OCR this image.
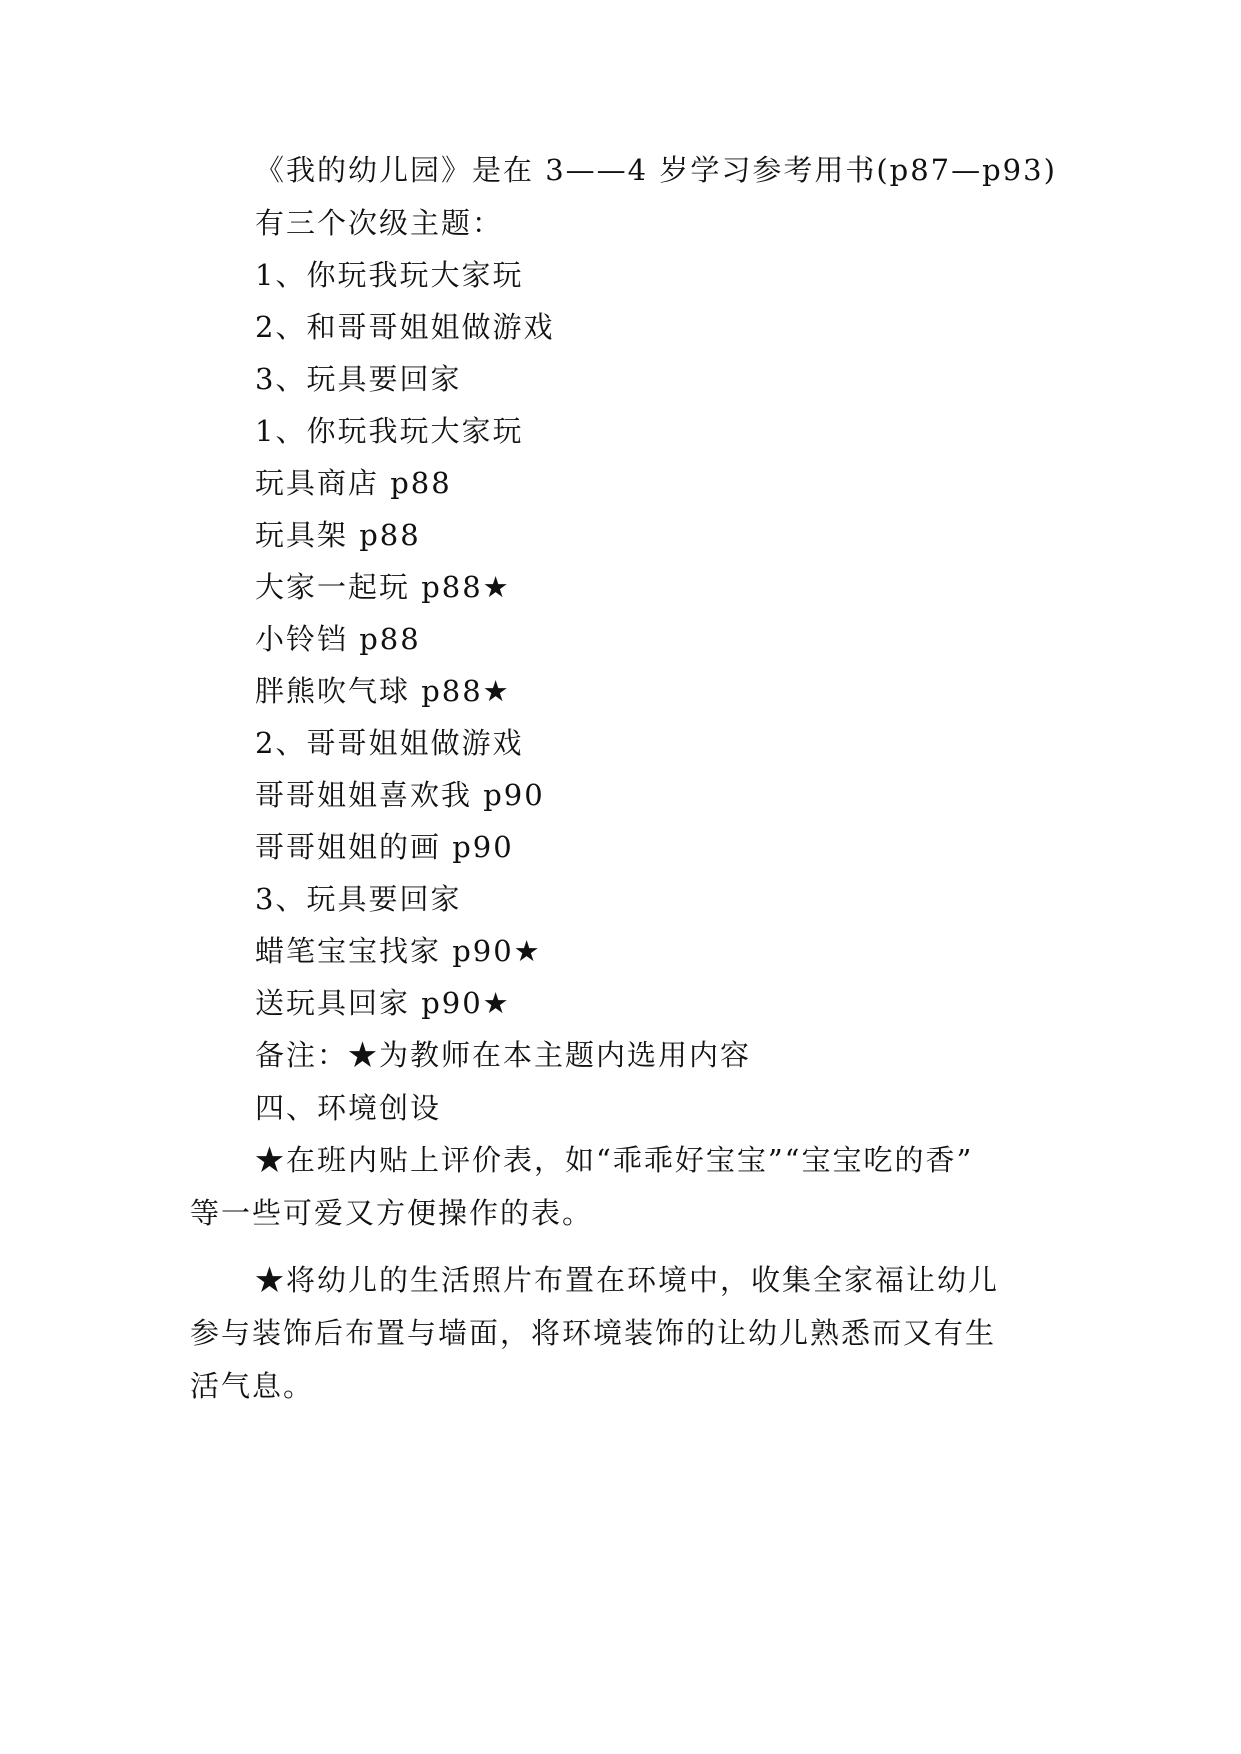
《我的幼儿园》是在 3——4 岁学习参考用书(p87—p93)
有三个次级主题：
1、你玩我玩大家玩
2、和哥哥姐姐做游戏
3、玩具要回家
1、你玩我玩大家玩
玩具商店 p88
玩具架 p88
大家一起玩 p88★
小铃铛 p88
胖熊吹气球 p88★
2、哥哥姐姐做游戏
哥哥姐姐喜欢我 p90
哥哥姐姐的画 p90
3、玩具要回家
蜡笔宝宝找家 p90★
送玩具回家 p90★
备注：★为教师在本主题内选用内容
四、环境创设
★在班内贴上评价表，如“乖乖好宝宝”“宝宝吃的香”
等一些可爱又方便操作的表。
★将幼儿的生活照片布置在环境中，收集全家福让幼儿
参与装饰后布置与墙面，将环境装饰的让幼儿熟悉而又有生
活气息。
